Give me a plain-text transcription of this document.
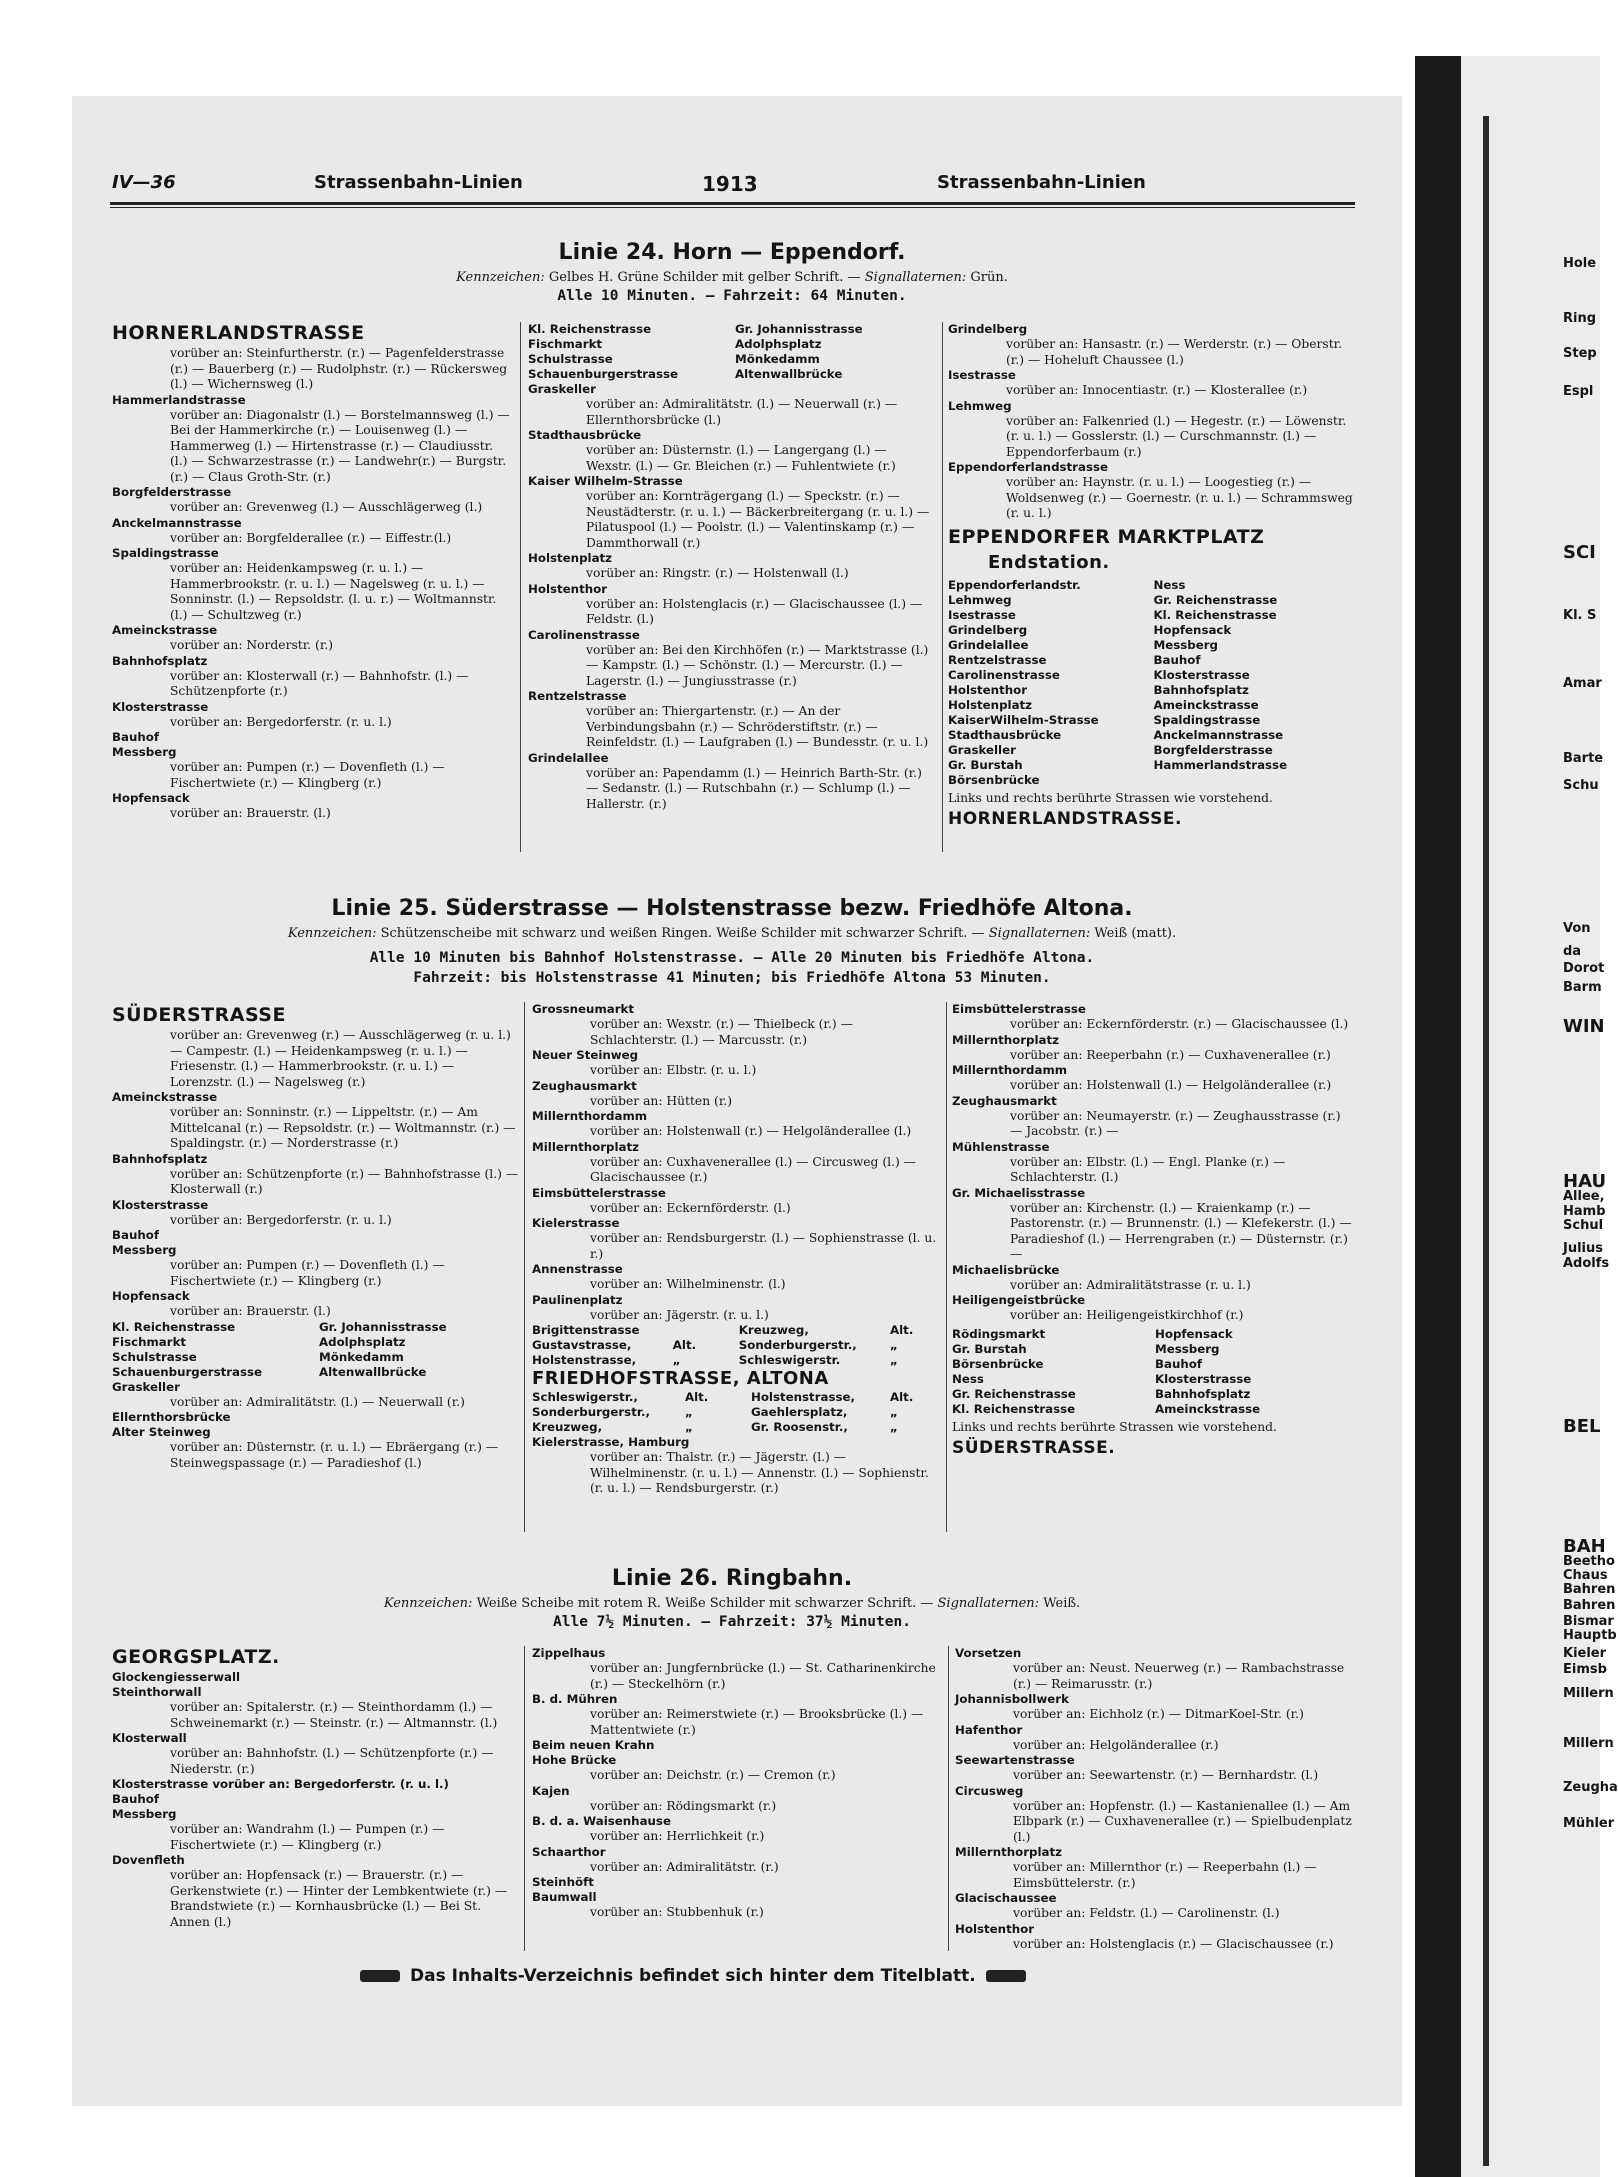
Hole
Ring
Step
Espl
SCI
Kl. S
Amar
Barte
Schu
Von
da
Dorot
Barm
WIN
HAU
Allee,
Hamb
Schul
Julius
Adolfs
BEL
BAH
Beetho
Chaus
Bahren
Bahren
Bismar
Hauptb
Kieler
Eimsb
Millern
Millern
Zeugha
Mühler
IV—36	Strassenbahn-Linien	1913	Strassenbahn-Linien
Linie 24. Horn — Eppendorf.
Kennzeichen: Gelbes H. Grüne Schilder mit gelber Schrift. — Signallaternen: Grün.
Alle 10 Minuten. — Fahrzeit: 64 Minuten.
HORNERLANDSTRASSE
vorüber an: Steinfurtherstr. (r.) — Pagenfelderstrasse (r.) — Bauerberg (r.) — Rudolphstr. (r.) — Rückersweg (l.) — Wichernsweg (l.)
Hammerlandstrasse
vorüber an: Diagonalstr (l.) — Borstelmannsweg (l.) — Bei der Hammerkirche (r.) — Louisenweg (l.) — Hammerweg (l.) — Hirtenstrasse (r.) — Claudiusstr. (l.) — Schwarzestrasse (r.) — Landwehr(r.) — Burgstr. (r.) — Claus Groth-Str. (r.)
Borgfelderstrasse
vorüber an: Grevenweg (l.) — Ausschlägerweg (l.)
Anckelmannstrasse
vorüber an: Borgfelderallee (r.) — Eiffestr.(l.)
Spaldingstrasse
vorüber an: Heidenkampsweg (r. u. l.) — Hammerbrookstr. (r. u. l.) — Nagelsweg (r. u. l.) — Sonninstr. (l.) — Repsoldstr. (l. u. r.) — Woltmannstr. (l.) — Schultzweg (r.)
Ameinckstrasse
vorüber an: Norderstr. (r.)
Bahnhofsplatz
vorüber an: Klosterwall (r.) — Bahnhofstr. (l.) — Schützenpforte (r.)
Klosterstrasse
vorüber an: Bergedorferstr. (r. u. l.)
Bauhof
Messberg
vorüber an: Pumpen (r.) — Dovenfleth (l.) — Fischertwiete (r.) — Klingberg (r.)
Hopfensack
vorüber an: Brauerstr. (l.)
Kl. Reichenstrasse	Gr. Johannisstrasse
Fischmarkt	Adolphsplatz
Schulstrasse	Mönkedamm
Schauenburgerstrasse	Altenwallbrücke
Graskeller
vorüber an: Admiralitätstr. (l.) — Neuerwall (r.) — Ellernthorsbrücke (l.)
Stadthausbrücke
vorüber an: Düsternstr. (l.) — Langergang (l.) — Wexstr. (l.) — Gr. Bleichen (r.) — Fuhlentwiete (r.)
Kaiser Wilhelm-Strasse
vorüber an: Kornträgergang (l.) — Speckstr. (r.) — Neustädterstr. (r. u. l.) — Bäckerbreitergang (r. u. l.) — Pilatuspool (l.) — Poolstr. (l.) — Valentinskamp (r.) — Dammthorwall (r.)
Holstenplatz
vorüber an: Ringstr. (r.) — Holstenwall (l.)
Holstenthor
vorüber an: Holstenglacis (r.) — Glacischaussee (l.) — Feldstr. (l.)
Carolinenstrasse
vorüber an: Bei den Kirchhöfen (r.) — Marktstrasse (l.) — Kampstr. (l.) — Schönstr. (l.) — Mercurstr. (l.) — Lagerstr. (l.) — Jungiusstrasse (r.)
Rentzelstrasse
vorüber an: Thiergartenstr. (r.) — An der Verbindungsbahn (r.) — Schröderstiftstr. (r.) — Reinfeldstr. (l.) — Laufgraben (l.) — Bundesstr. (r. u. l.)
Grindelallee
vorüber an: Papendamm (l.) — Heinrich Barth-Str. (r.) — Sedanstr. (l.) — Rutschbahn (r.) — Schlump (l.) — Hallerstr. (r.)
Grindelberg
vorüber an: Hansastr. (r.) — Werderstr. (r.) — Oberstr. (r.) — Hoheluft Chaussee (l.)
Isestrasse
vorüber an: Innocentiastr. (r.) — Klosterallee (r.)
Lehmweg
vorüber an: Falkenried (l.) — Hegestr. (r.) — Löwenstr. (r. u. l.) — Gosslerstr. (l.) — Curschmannstr. (l.) — Eppendorferbaum (r.)
Eppendorferlandstrasse
vorüber an: Haynstr. (r. u. l.) — Loogestieg (r.) — Woldsenweg (r.) — Goernestr. (r. u. l.) — Schrammsweg (r. u. l.)
EPPENDORFER MARKTPLATZ
Endstation.
Eppendorferlandstr.	Ness
Lehmweg	Gr. Reichenstrasse
Isestrasse	Kl. Reichenstrasse
Grindelberg	Hopfensack
Grindelallee	Messberg
Rentzelstrasse	Bauhof
Carolinenstrasse	Klosterstrasse
Holstenthor	Bahnhofsplatz
Holstenplatz	Ameinckstrasse
KaiserWilhelm-Strasse	Spaldingstrasse
Stadthausbrücke	Anckelmannstrasse
Graskeller	Borgfelderstrasse
Gr. Burstah	Hammerlandstrasse
Börsenbrücke
Links und rechts berührte Strassen wie vorstehend.
HORNERLANDSTRASSE.
Linie 25. Süderstrasse — Holstenstrasse bezw. Friedhöfe Altona.
Kennzeichen: Schützenscheibe mit schwarz und weißen Ringen. Weiße Schilder mit schwarzer Schrift. — Signallaternen: Weiß (matt).
Alle 10 Minuten bis Bahnhof Holstenstrasse. — Alle 20 Minuten bis Friedhöfe Altona.
Fahrzeit: bis Holstenstrasse 41 Minuten; bis Friedhöfe Altona 53 Minuten.
SÜDERSTRASSE
vorüber an: Grevenweg (r.) — Ausschlägerweg (r. u. l.) — Campestr. (l.) — Heidenkampsweg (r. u. l.) — Friesenstr. (l.) — Hammerbrookstr. (r. u. l.) — Lorenzstr. (l.) — Nagelsweg (r.)
Ameinckstrasse
vorüber an: Sonninstr. (r.) — Lippeltstr. (r.) — Am Mittelcanal (r.) — Repsoldstr. (r.) — Woltmannstr. (r.) — Spaldingstr. (r.) — Norderstrasse (r.)
Bahnhofsplatz
vorüber an: Schützenpforte (r.) — Bahnhofstrasse (l.) — Klosterwall (r.)
Klosterstrasse
vorüber an: Bergedorferstr. (r. u. l.)
Bauhof
Messberg
vorüber an: Pumpen (r.) — Dovenfleth (l.) — Fischertwiete (r.) — Klingberg (r.)
Hopfensack
vorüber an: Brauerstr. (l.)
Kl. Reichenstrasse	Gr. Johannisstrasse
Fischmarkt	Adolphsplatz
Schulstrasse	Mönkedamm
Schauenburgerstrasse	Altenwallbrücke
Graskeller
vorüber an: Admiralitätstr. (l.) — Neuerwall (r.)
Ellernthorsbrücke
Alter Steinweg
vorüber an: Düsternstr. (r. u. l.) — Ebräergang (r.) — Steinwegspassage (r.) — Paradieshof (l.)
Grossneumarkt
vorüber an: Wexstr. (r.) — Thielbeck (r.) — Schlachterstr. (l.) — Marcusstr. (r.)
Neuer Steinweg
vorüber an: Elbstr. (r. u. l.)
Zeughausmarkt
vorüber an: Hütten (r.)
Millernthordamm
vorüber an: Holstenwall (r.) — Helgoländerallee (l.)
Millernthorplatz
vorüber an: Cuxhavenerallee (l.) — Circusweg (l.) — Glacischaussee (r.)
Eimsbüttelerstrasse
vorüber an: Eckernförderstr. (l.)
Kielerstrasse
vorüber an: Rendsburgerstr. (l.) — Sophienstrasse (l. u. r.)
Annenstrasse
vorüber an: Wilhelminenstr. (l.)
Paulinenplatz
vorüber an: Jägerstr. (r. u. l.)
Brigittenstrasse	Kreuzweg,	Alt.
Gustavstrasse,	Alt.	Sonderburgerstr.,	„
Holstenstrasse,	„	Schleswigerstr.	„
FRIEDHOFSTRASSE, ALTONA
Schleswigerstr.,	Alt.	Holstenstrasse,	Alt.
Sonderburgerstr.,	„	Gaehlersplatz,	„
Kreuzweg,	„	Gr. Roosenstr.,	„
Kielerstrasse, Hamburg
vorüber an: Thalstr. (r.) — Jägerstr. (l.) — Wilhelminenstr. (r. u. l.) — Annenstr. (l.) — Sophienstr. (r. u. l.) — Rendsburgerstr. (r.)
Eimsbüttelerstrasse
vorüber an: Eckernförderstr. (r.) — Glacischaussee (l.)
Millernthorplatz
vorüber an: Reeperbahn (r.) — Cuxhavenerallee (r.)
Millernthordamm
vorüber an: Holstenwall (l.) — Helgoländerallee (r.)
Zeughausmarkt
vorüber an: Neumayerstr. (r.) — Zeughausstrasse (r.) — Jacobstr. (r.) —
Mühlenstrasse
vorüber an: Elbstr. (l.) — Engl. Planke (r.) — Schlachterstr. (l.)
Gr. Michaelisstrasse
vorüber an: Kirchenstr. (l.) — Kraienkamp (r.) — Pastorenstr. (r.) — Brunnenstr. (l.) — Klefekerstr. (l.) — Paradieshof (l.) — Herrengraben (r.) — Düsternstr. (r.) —
Michaelisbrücke
vorüber an: Admiralitätstrasse (r. u. l.)
Heiligengeistbrücke
vorüber an: Heiligengeistkirchhof (r.)
Rödingsmarkt	Hopfensack
Gr. Burstah	Messberg
Börsenbrücke	Bauhof
Ness	Klosterstrasse
Gr. Reichenstrasse	Bahnhofsplatz
Kl. Reichenstrasse	Ameinckstrasse
Links und rechts berührte Strassen wie vorstehend.
SÜDERSTRASSE.
Linie 26. Ringbahn.
Kennzeichen: Weiße Scheibe mit rotem R. Weiße Schilder mit schwarzer Schrift. — Signallaternen: Weiß.
Alle 7½ Minuten. — Fahrzeit: 37½ Minuten.
GEORGSPLATZ.
Glockengiesserwall
Steinthorwall
vorüber an: Spitalerstr. (r.) — Steinthordamm (l.) — Schweinemarkt (r.) — Steinstr. (r.) — Altmannstr. (l.)
Klosterwall
vorüber an: Bahnhofstr. (l.) — Schützenpforte (r.) — Niederstr. (r.)
Klosterstrasse vorüber an: Bergedorferstr. (r. u. l.)
Bauhof
Messberg
vorüber an: Wandrahm (l.) — Pumpen (r.) — Fischertwiete (r.) — Klingberg (r.)
Dovenfleth
vorüber an: Hopfensack (r.) — Brauerstr. (r.) — Gerkenstwiete (r.) — Hinter der Lembkentwiete (r.) — Brandstwiete (r.) — Kornhausbrücke (l.) — Bei St. Annen (l.)
Zippelhaus
vorüber an: Jungfernbrücke (l.) — St. Catharinenkirche (r.) — Steckelhörn (r.)
B. d. Mühren
vorüber an: Reimerstwiete (r.) — Brooksbrücke (l.) — Mattentwiete (r.)
Beim neuen Krahn
Hohe Brücke
vorüber an: Deichstr. (r.) — Cremon (r.)
Kajen
vorüber an: Rödingsmarkt (r.)
B. d. a. Waisenhause
vorüber an: Herrlichkeit (r.)
Schaarthor
vorüber an: Admiralitätstr. (r.)
Steinhöft
Baumwall
vorüber an: Stubbenhuk (r.)
Vorsetzen
vorüber an: Neust. Neuerweg (r.) — Rambachstrasse (r.) — Reimarusstr. (r.)
Johannisbollwerk
vorüber an: Eichholz (r.) — DitmarKoel-Str. (r.)
Hafenthor
vorüber an: Helgoländerallee (r.)
Seewartenstrasse
vorüber an: Seewartenstr. (r.) — Bernhardstr. (l.)
Circusweg
vorüber an: Hopfenstr. (l.) — Kastanienallee (l.) — Am Elbpark (r.) — Cuxhavenerallee (r.) — Spielbudenplatz (l.)
Millernthorplatz
vorüber an: Millernthor (r.) — Reeperbahn (l.) — Eimsbüttelerstr. (r.)
Glacischaussee
vorüber an: Feldstr. (l.) — Carolinenstr. (l.)
Holstenthor
vorüber an: Holstenglacis (r.) — Glacischaussee (r.)
Das Inhalts-Verzeichnis befindet sich hinter dem Titelblatt.
